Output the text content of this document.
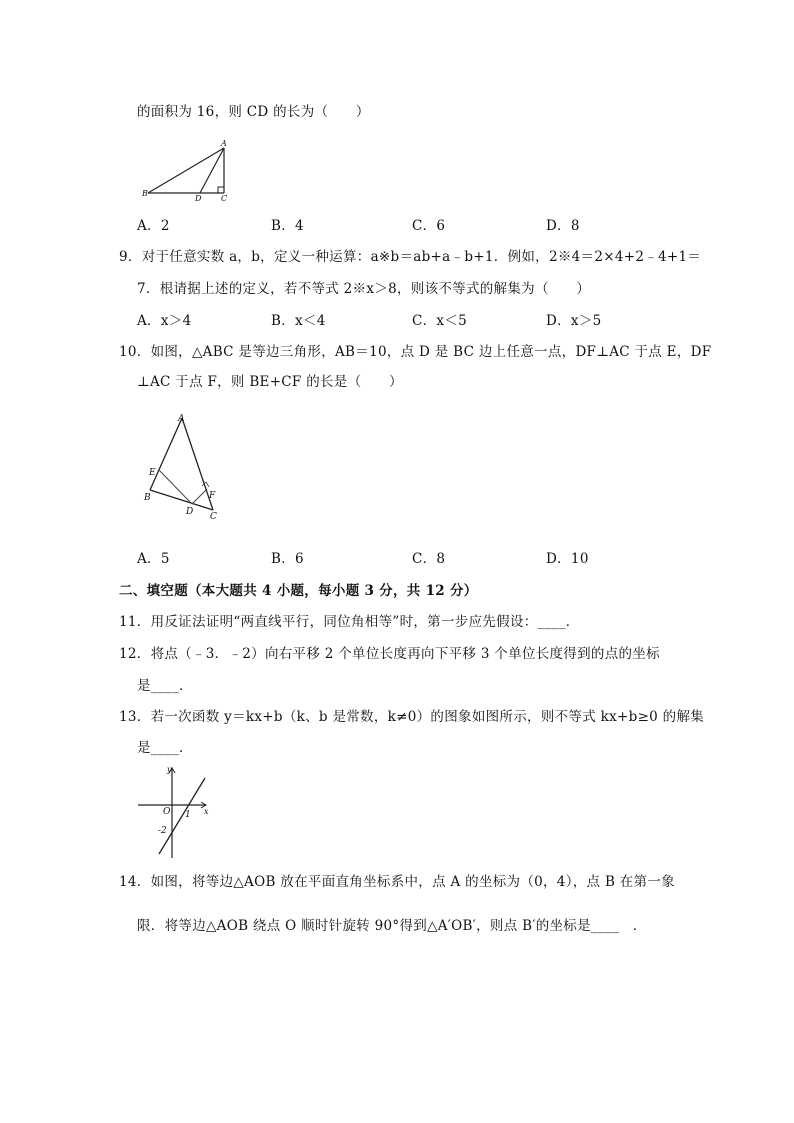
的面积为 16，则 CD 的长为（　　）
A
B
C
D
A．2	B．4	C．6	D．8
9．对于任意实数 a，b，定义一种运算：a※b＝ab+a﹣b+1．例如，2※4＝2×4+2﹣4+1＝
7．根请据上述的定义，若不等式 2※x＞8，则该不等式的解集为（　　）
A．x＞4	B．x＜4	C．x＜5	D．x＞5
10．如图，△ABC 是等边三角形，AB＝10，点 D 是 BC 边上任意一点，DF⊥AC 于点 E，DF
⊥AC 于点 F，则 BE+CF 的长是（　　）
A
B
C
D
E
F
A．5	B．6	C．8	D．10
二、填空题（本大题共 4 小题，每小题 3 分，共 12 分）
11．用反证法证明“两直线平行，同位角相等”时，第一步应先假设：____．
12．将点（﹣3．﹣2）向右平移 2 个单位长度再向下平移 3 个单位长度得到的点的坐标
是____．
13．若一次函数 y＝kx+b（k、b 是常数，k≠0）的图象如图所示，则不等式 kx+b≥0 的解集
是____．
y
x
O 1
-2
14．如图，将等边△AOB 放在平面直角坐标系中，点 A 的坐标为（0，4），点 B 在第一象
限．将等边△AOB 绕点 O 顺时针旋转 90°得到△A′OB′，则点 B′的坐标是____　．
